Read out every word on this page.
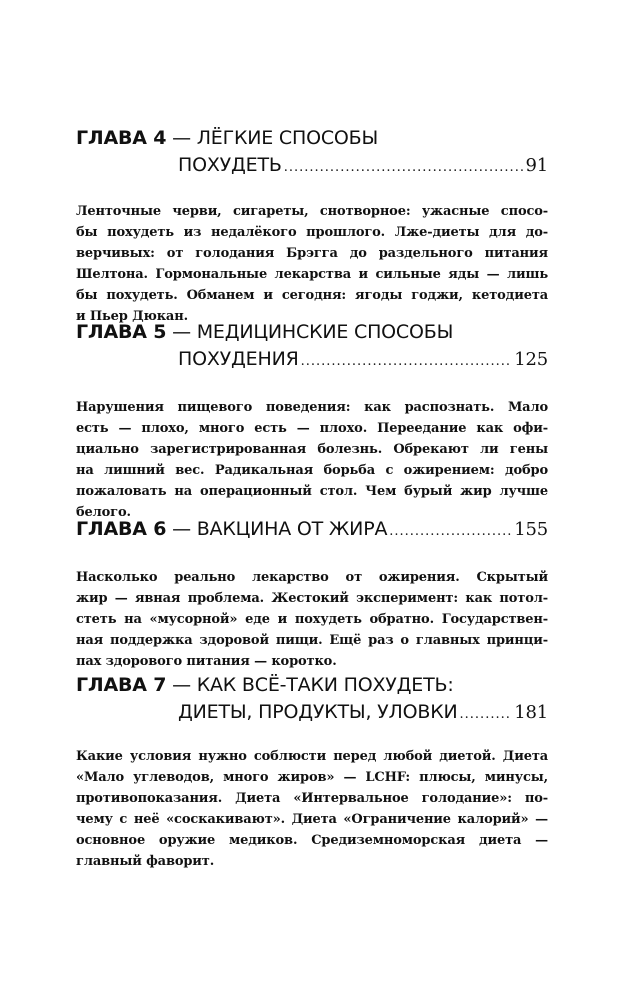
ГЛАВА 4
— ЛЁГКИЕ СПОСОБЫ
ПОХУДЕТЬ .....	91
Ленточные черви, сигареты, снотворное: ужасные спосо-
бы похудеть из недалёкого прошлого. Лже-диеты для до-
верчивых: от голодания Брэгга до раздельного питания
Шелтона. Гормональные лекарства и сильные яды — лишь
бы похудеть. Обманем и сегодня: ягоды годжи, кетодиета
и Пьер Дюкан.
ГЛАВА 5
— МЕДИЦИНСКИЕ СПОСОБЫ
ПОХУДЕНИЯ .....	125
Нарушения пищевого поведения: как распознать. Мало
есть — плохо, много есть — плохо. Переедание как офи-
циально зарегистрированная болезнь. Обрекают ли гены
на лишний вес. Радикальная борьба с ожирением: добро
пожаловать на операционный стол. Чем бурый жир лучше
белого.
ГЛАВА 6
— ВАКЦИНА ОТ ЖИРА .....	155
Насколько реально лекарство от ожирения. Скрытый
жир — явная проблема. Жестокий эксперимент: как потол-
стеть на «мусорной» еде и похудеть обратно. Государствен-
ная поддержка здоровой пищи. Ещё раз о главных принци-
пах здорового питания — коротко.
ГЛАВА 7
— КАК ВСЁ-ТАКИ ПОХУДЕТЬ:
ДИЕТЫ, ПРОДУКТЫ, УЛОВКИ .....	181
Какие условия нужно соблюсти перед любой диетой. Диета
«Мало углеводов, много жиров» — LCHF: плюсы, минусы,
противопоказания. Диета «Интервальное голодание»: по-
чему с неё «соскакивают». Диета «Ограничение калорий» —
основное оружие медиков. Средиземноморская диета —
главный фаворит.
